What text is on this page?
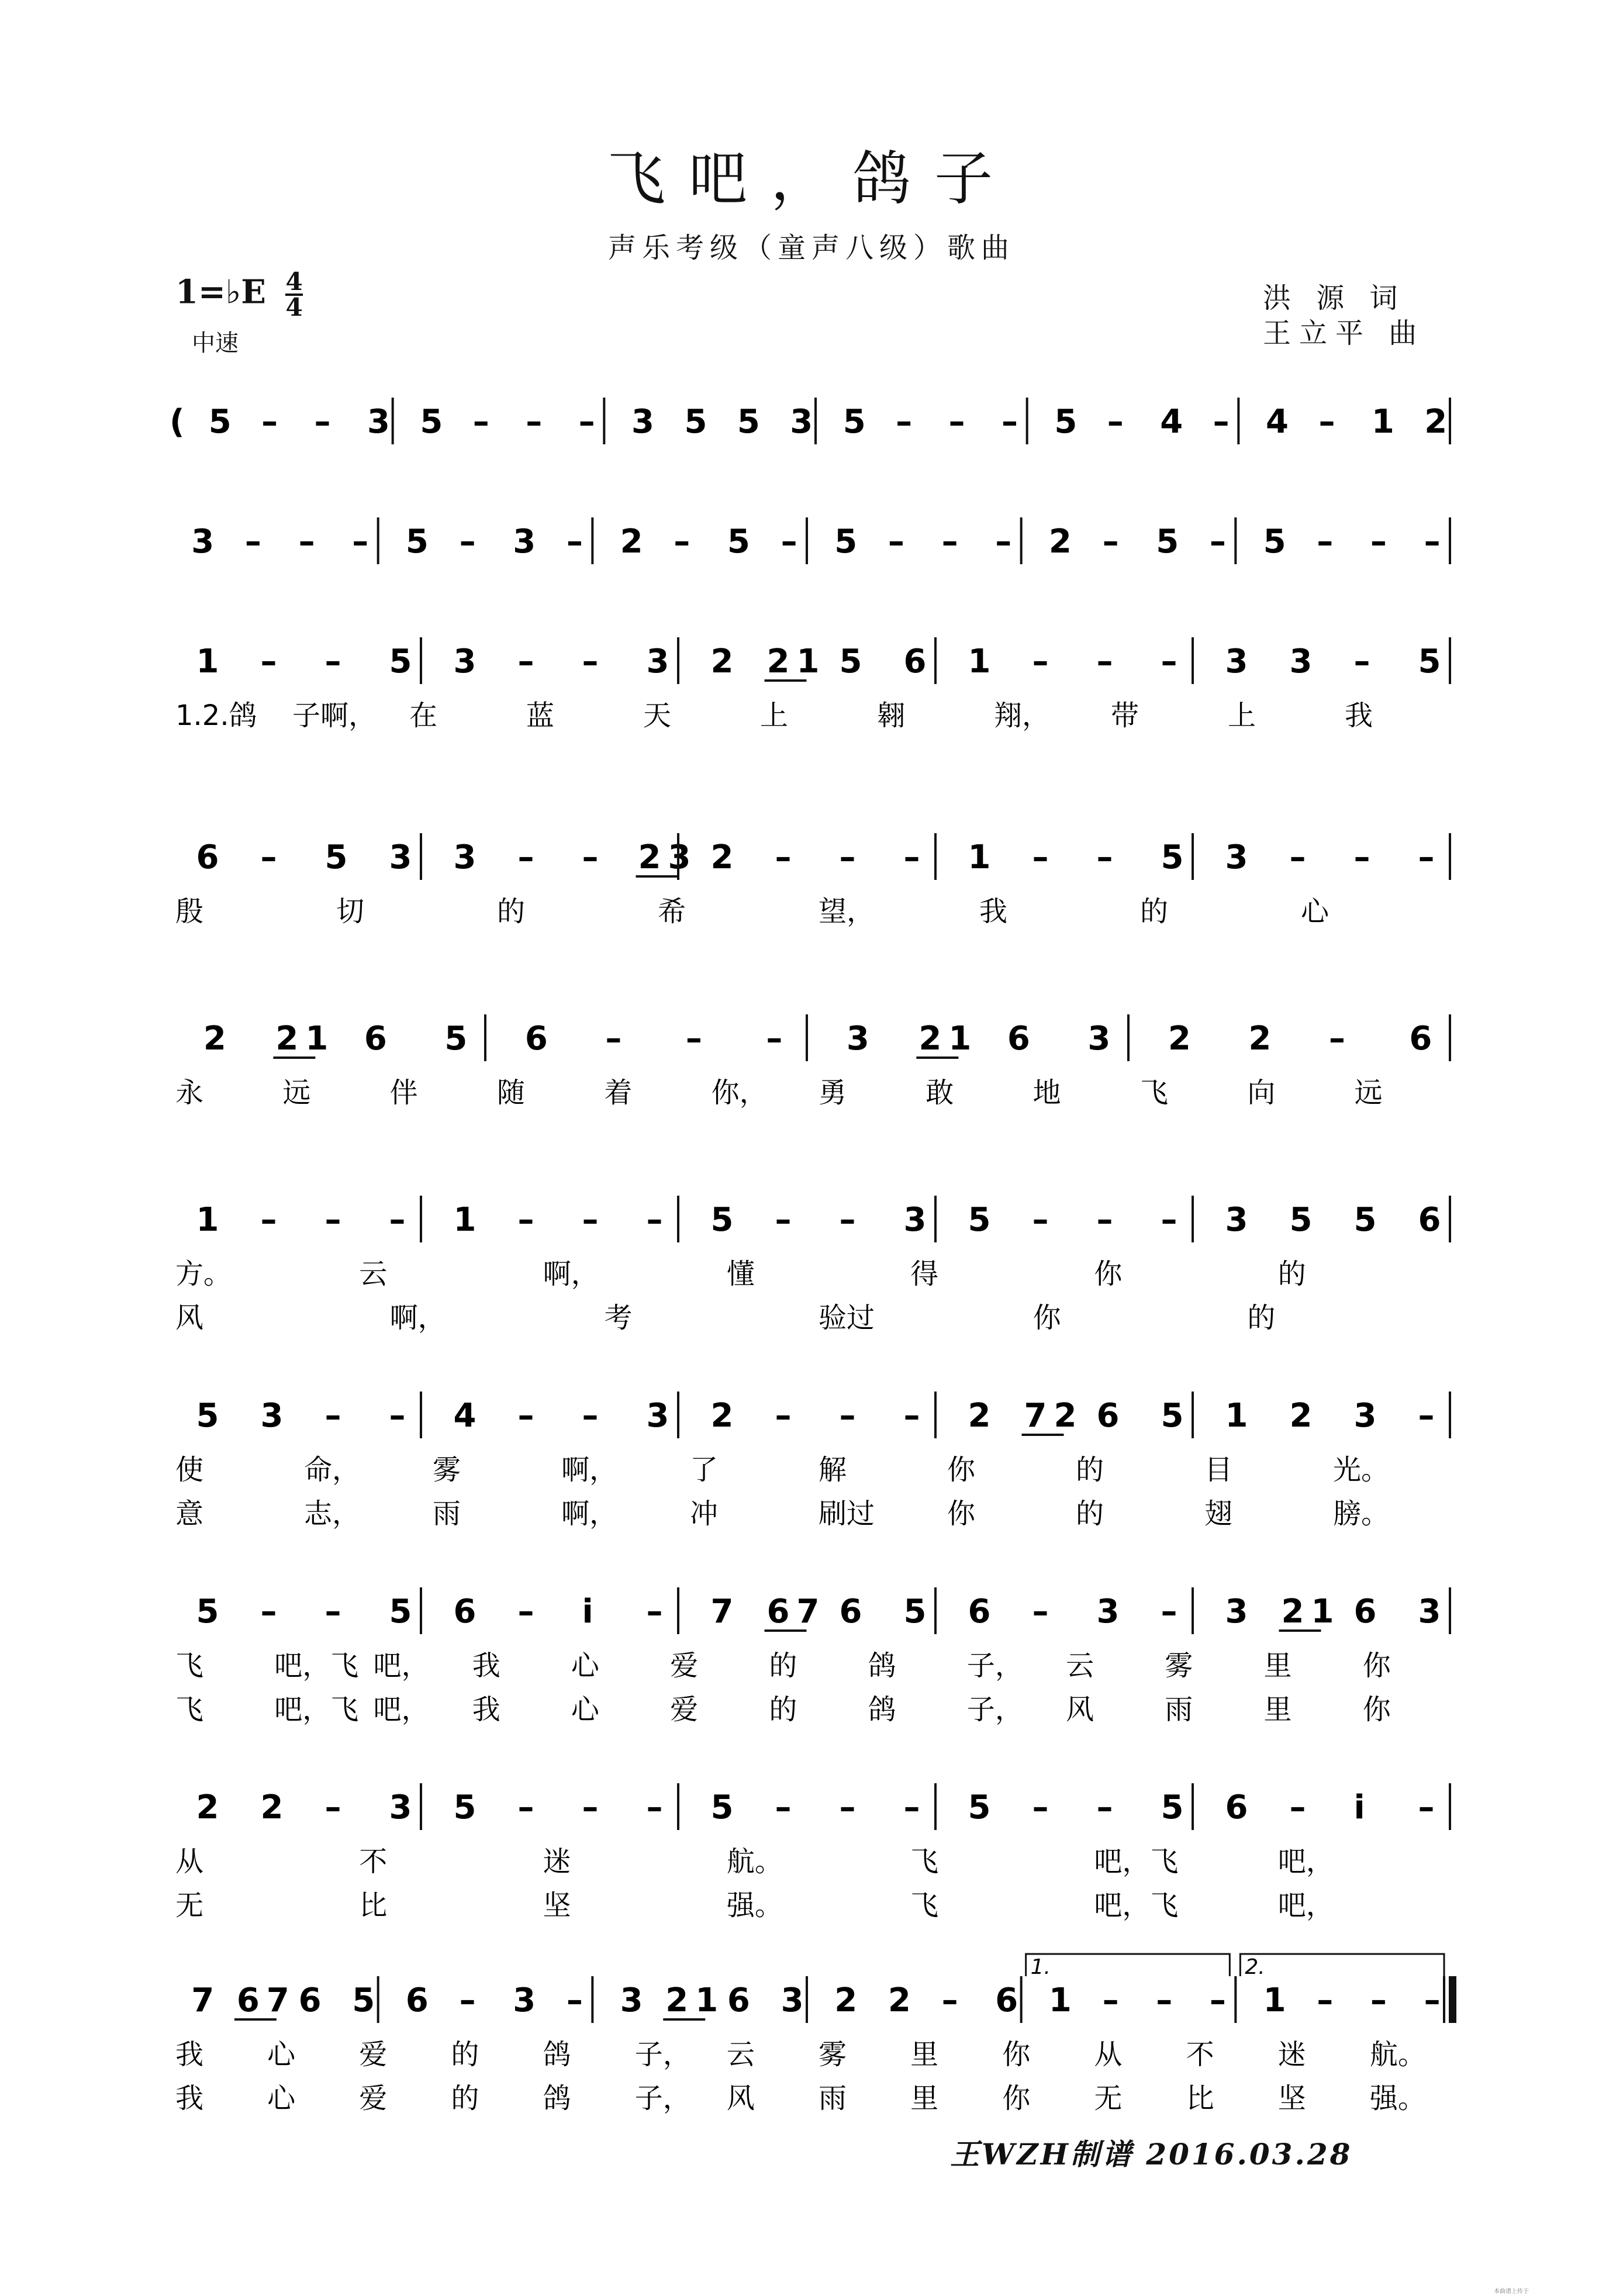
飞吧，鸽子
声乐考级（童声八级）歌曲
1=♭E $\frac{4}{4}$
中速
洪 源 词
王立平 曲
( 5 – – 3 5 – – – 3 5 5 3 5 – – – 5 – 4 – 4 – 1 2
3 – – – 5 – 3 – 2 – 5 – 5 – – – 2 – 5 – 5 – – –
1 – – 5 3 – – 3 2 21 5 6 1 – – – 3 3 – 5
1.2.鸽 子啊， 在	蓝	天	上	翱	翔， 带	上	我
6 – 5 3 3 – – 23 2 – – – 1 – – 5 3 – – –
殷	切	的	希	望，	我	的	心
2 21 6 5 6 – – – 3 21 6 3 2 2 – 6
永	远	伴	随	着	你， 勇	敢	地	飞	向	远
1 – – – 1 – – – 5 – – 3 5 – – – 3 5 5 6
方。	云	啊，	懂	得	你	的
风	啊，	考	验过	你	的
5 3 – – 4 – – 3 2 – – – 2 72 6 5 1 2 3 –
使	命，	雾	啊，	了	解	你	的	目	光。
意	志，	雨	啊，	冲	刷过	你	的	翅	膀。
5 – – 5 6 – i – 7 67 6 5 6 – 3 – 3 21 6 3
飞	吧，飞 吧， 我	心	爱	的	鸽	子， 云	雾	里	你
飞	吧，飞 吧， 我	心	爱	的	鸽	子， 风	雨	里	你
2 2 – 3 5 – – – 5 – – – 5 – – 5 6 – i –
从	不	迷	航。	飞	吧，飞	吧，
无	比	坚	强。	飞	吧，飞	吧，
7 67 6 5 6 – 3 – 3 21 6 3 2 2 – 6 1 – – – 1 – – –
1.	2.
我 心 爱 的 鸽 子， 云 雾 里 你 从 不 迷 航。
我 心 爱 的 鸽 子， 风 雨 里 你 无 比 坚 强。
王WZH制谱 2016.03.28
本曲谱上传于
